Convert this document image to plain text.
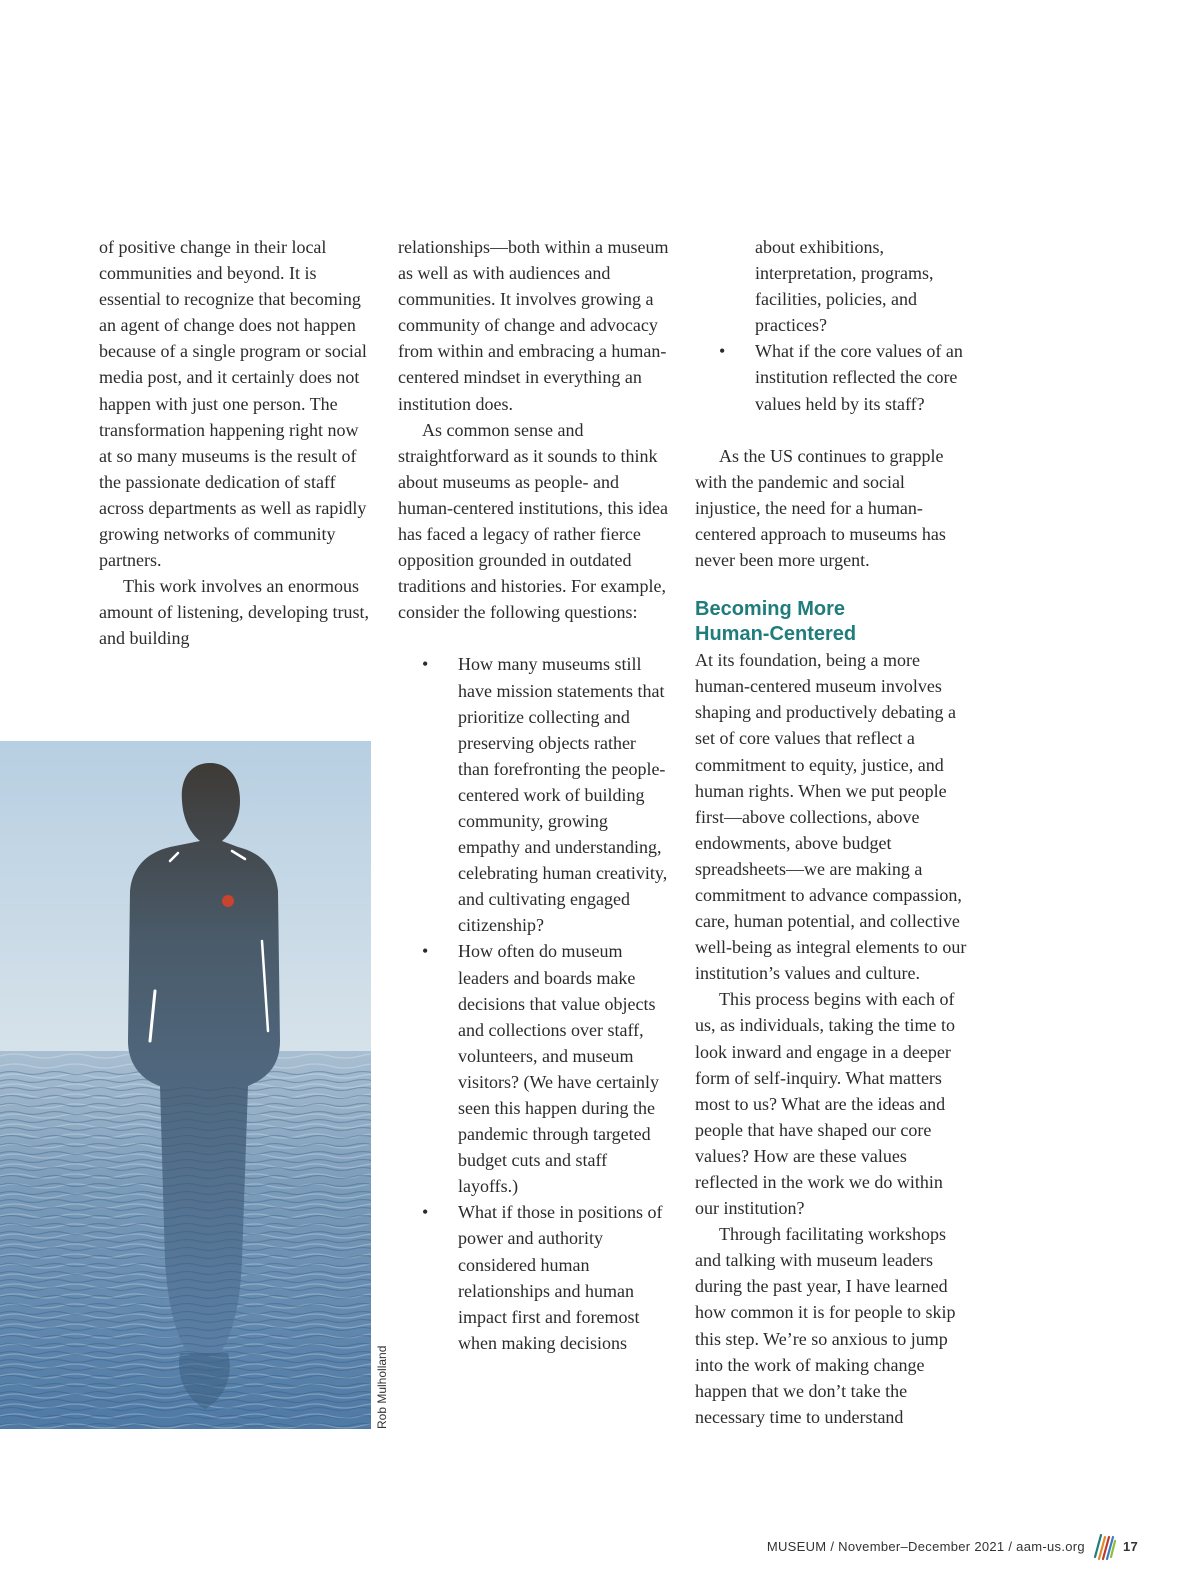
of positive change in their local communities and beyond. It is essential to recognize that becoming an agent of change does not happen because of a single program or social media post, and it certainly does not happen with just one person. The transformation happening right now at so many museums is the result of the passionate dedication of staff across departments as well as rapidly growing networks of community partners.

This work involves an enormous amount of listening, developing trust, and building

relationships—both within a museum as well as with audiences and communities. It involves growing a community of change and advocacy from within and embracing a human-centered mindset in everything an institution does.

As common sense and straightforward as it sounds to think about museums as people- and human-centered institutions, this idea has faced a legacy of rather fierce opposition grounded in outdated traditions and histories. For example, consider the following questions:

• How many museums still have mission statements that prioritize collecting and preserving objects rather than forefronting the people-centered work of building community, growing empathy and understanding, celebrating human creativity, and cultivating engaged citizenship?
• How often do museum leaders and boards make decisions that value objects and collections over staff, volunteers, and museum visitors? (We have certainly seen this happen during the pandemic through targeted budget cuts and staff layoffs.)
• What if those in positions of power and authority considered human relationships and human impact first and foremost when making decisions

about exhibitions, interpretation, programs, facilities, policies, and practices?

• What if the core values of an institution reflected the core values held by its staff?

As the US continues to grapple with the pandemic and social injustice, the need for a human-centered approach to museums has never been more urgent.

Becoming More Human-Centered

At its foundation, being a more human-centered museum involves shaping and productively debating a set of core values that reflect a commitment to equity, justice, and human rights. When we put people first—above collections, above endowments, above budget spreadsheets—we are making a commitment to advance compassion, care, human potential, and collective well-being as integral elements to our institution’s values and culture.

This process begins with each of us, as individuals, taking the time to look inward and engage in a deeper form of self-inquiry. What matters most to us? What are the ideas and people that have shaped our core values? How are these values reflected in the work we do within our institution?

Through facilitating workshops and talking with museum leaders during the past year, I have learned how common it is for people to skip this step. We’re so anxious to jump into the work of making change happen that we don’t take the necessary time to understand

Rob Mulholland
MUSEUM / November–December 2021 / aam-us.org	17
